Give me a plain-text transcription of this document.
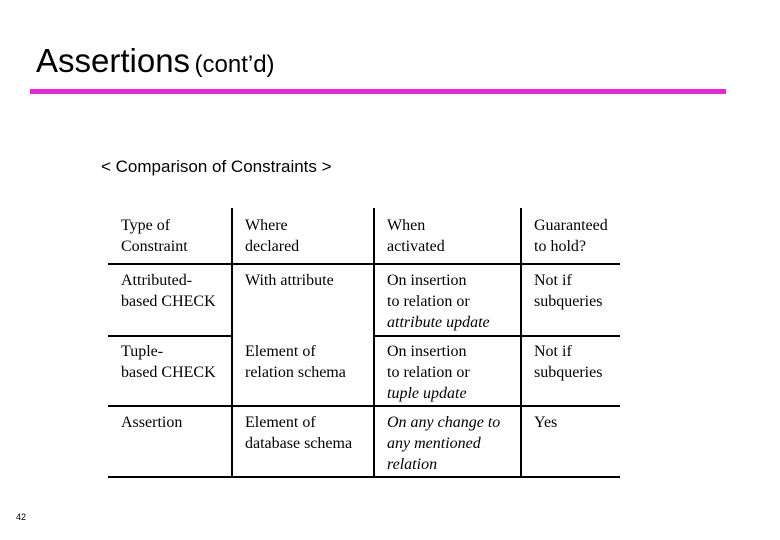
Assertions (cont’d)
< Comparison of Constraints >
Type of
Constraint
Where
declared
When
activated
Guaranteed
to hold?
Attributed-
based CHECK
With attribute	On insertion
to relation or
attribute update
Not if
subqueries
Tuple-
based CHECK
Element of
relation schema
On insertion
to relation or
tuple update
Not if
subqueries
Assertion	Element of
database schema
On any change to
any mentioned
relation
Yes
42
